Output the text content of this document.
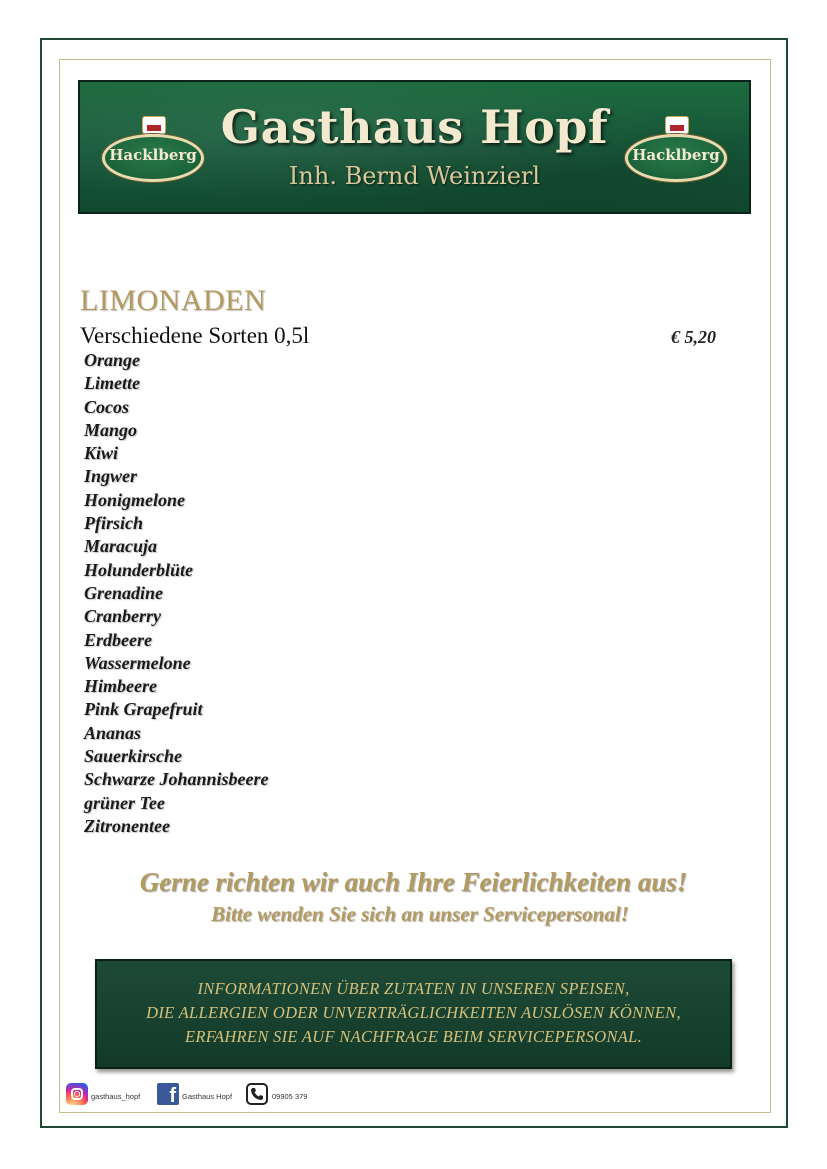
Hacklberg
Gasthaus Hopf
Inh. Bernd Weinzierl
Hacklberg
LIMONADEN
Verschiedene Sorten 0,5l	€ 5,20
Orange
Limette
Cocos
Mango
Kiwi
Ingwer
Honigmelone
Pfirsich
Maracuja
Holunderblüte
Grenadine
Cranberry
Erdbeere
Wassermelone
Himbeere
Pink Grapefruit
Ananas
Sauerkirsche
Schwarze Johannisbeere
grüner Tee
Zitronentee
Gerne richten wir auch Ihre Feierlichkeiten aus!
Bitte wenden Sie sich an unser Servicepersonal!
INFORMATIONEN ÜBER ZUTATEN IN UNSEREN SPEISEN,
DIE ALLERGIEN ODER UNVERTRÄGLICHKEITEN AUSLÖSEN KÖNNEN,
ERFAHREN SIE AUF NACHFRAGE BEIM SERVICEPERSONAL.
gasthaus_hopf	f Gasthaus Hopf	09905 379
